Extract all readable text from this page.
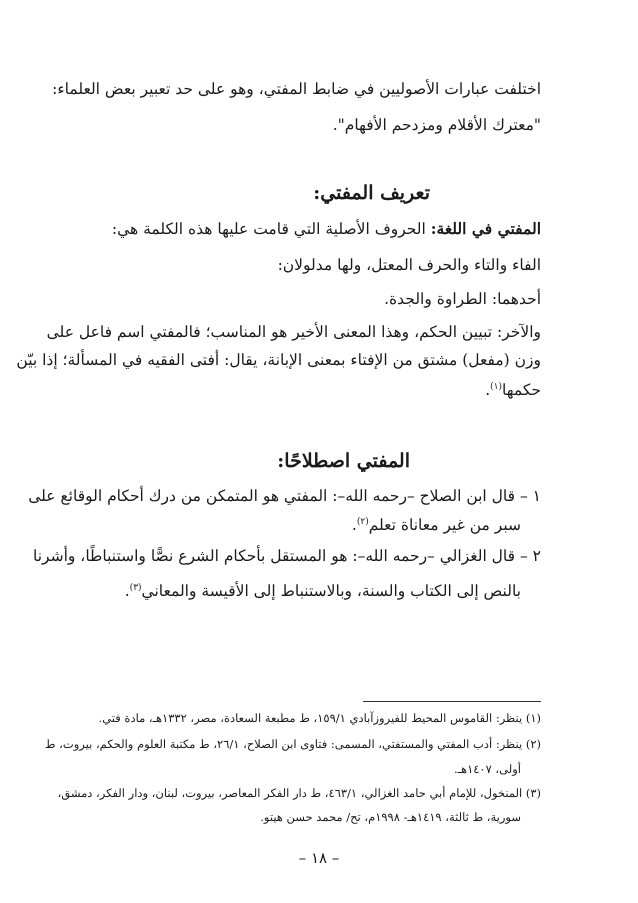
اختلفت عبارات الأصوليين في ضابط المفتي، وهو على حد تعبير بعض العلماء:
"معترك الأقلام ومزدحم الأفهام".
تعريف المفتي:
المفتي في اللغة: الحروف الأصلية التي قامت عليها هذه الكلمة هي:
الفاء والتاء والحرف المعتل، ولها مدلولان:
أحدهما: الطراوة والجدة.
والآخر: تبيين الحكم، وهذا المعنى الأخير هو المناسب؛ فالمفتي اسم فاعل على
وزن (مفعل) مشتق من الإفتاء بمعنى الإبانة، يقال: أفتى الفقيه في المسألة؛ إذا بيّن
حكمها$^{(١)}$.
المفتي اصطلاحًا:
١ – قال ابن الصلاح –رحمه الله–: المفتي هو المتمكن من درك أحكام الوقائع على
سبر من غير معاناة تعلم$^{(٢)}$.
٢ – قال الغزالي –رحمه الله–: هو المستقل بأحكام الشرع نصًّا واستنباطًا، وأشرنا
بالنص إلى الكتاب والسنة، وبالاستنباط إلى الأقيسة والمعاني$^{(٣)}$.
(١) ينظر: القاموس المحيط للفيروزآبادي ١٥٩/١، ط مطبعة السعادة، مصر، ١٣٣٢هـ، مادة فتي.
(٢) ينظر: أدب المفتي والمستفتي، المسمى: فتاوى ابن الصلاح، ٢٦/١، ط مكتبة العلوم والحكم، بيروت، ط
أولى، ١٤٠٧هـ.
(٣) المنخول، للإمام أبي حامد الغزالي، ٤٦٣/١، ط دار الفكر المعاصر، بيروت، لبنان، ودار الفكر، دمشق،
سورية، ط ثالثة، ١٤١٩هـ- ١٩٩٨م، تح/ محمد حسن هيتو.
– ١٨ –
